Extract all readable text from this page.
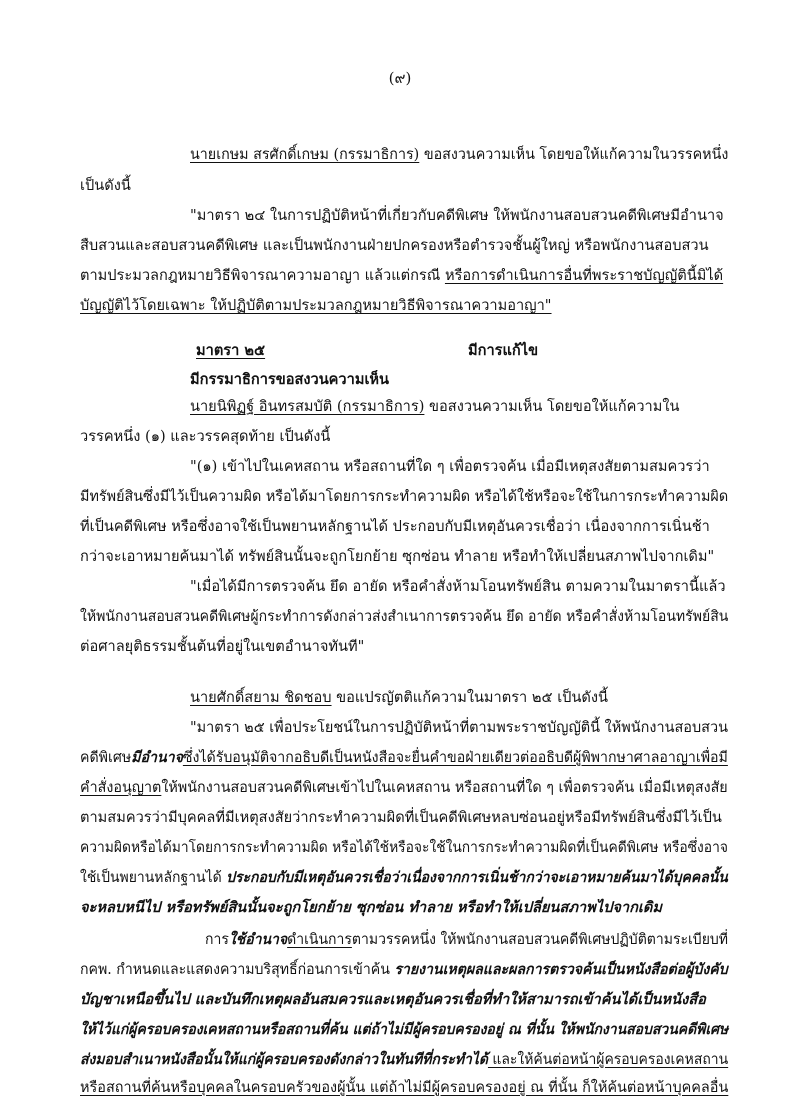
(๙)
นายเกษม สรศักดิ์เกษม (กรรมาธิการ) ขอสงวนความเห็น โดยขอให้แก้ความในวรรคหนึ่ง
เป็นดังนี้
"มาตรา ๒๔ ในการปฏิบัติหน้าที่เกี่ยวกับคดีพิเศษ ให้พนักงานสอบสวนคดีพิเศษมีอำนาจ
สืบสวนและสอบสวนคดีพิเศษ และเป็นพนักงานฝ่ายปกครองหรือตำรวจชั้นผู้ใหญ่ หรือพนักงานสอบสวน
ตามประมวลกฎหมายวิธีพิจารณาความอาญา แล้วแต่กรณี หรือการดำเนินการอื่นที่พระราชบัญญัตินี้มิได้
บัญญัติไว้โดยเฉพาะ ให้ปฏิบัติตามประมวลกฎหมายวิธีพิจารณาความอาญา"
มาตรา ๒๕	มีการแก้ไข
มีกรรมาธิการขอสงวนความเห็น
นายนิพิฏฐ์ อินทรสมบัติ (กรรมาธิการ) ขอสงวนความเห็น โดยขอให้แก้ความใน
วรรคหนึ่ง (๑) และวรรคสุดท้าย เป็นดังนี้
"(๑) เข้าไปในเคหสถาน หรือสถานที่ใด ๆ เพื่อตรวจค้น เมื่อมีเหตุสงสัยตามสมควรว่า
มีทรัพย์สินซึ่งมีไว้เป็นความผิด หรือได้มาโดยการกระทำความผิด หรือได้ใช้หรือจะใช้ในการกระทำความผิด
ที่เป็นคดีพิเศษ หรือซึ่งอาจใช้เป็นพยานหลักฐานได้ ประกอบกับมีเหตุอันควรเชื่อว่า เนื่องจากการเนิ่นช้า
กว่าจะเอาหมายค้นมาได้ ทรัพย์สินนั้นจะถูกโยกย้าย ซุกซ่อน ทำลาย หรือทำให้เปลี่ยนสภาพไปจากเดิม"
"เมื่อได้มีการตรวจค้น ยึด อายัด หรือคำสั่งห้ามโอนทรัพย์สิน ตามความในมาตรานี้แล้ว
ให้พนักงานสอบสวนคดีพิเศษผู้กระทำการดังกล่าวส่งสำเนาการตรวจค้น ยึด อายัด หรือคำสั่งห้ามโอนทรัพย์สิน
ต่อศาลยุติธรรมชั้นต้นที่อยู่ในเขตอำนาจทันที"
นายศักดิ์สยาม ชิดชอบ ขอแปรญัตติแก้ความในมาตรา ๒๕ เป็นดังนี้
"มาตรา ๒๕ เพื่อประโยชน์ในการปฏิบัติหน้าที่ตามพระราชบัญญัตินี้ ให้พนักงานสอบสวน
คดีพิเศษมีอำนาจซึ่งได้รับอนุมัติจากอธิบดีเป็นหนังสือจะยื่นคำขอฝ่ายเดียวต่ออธิบดีผู้พิพากษาศาลอาญาเพื่อมี
คำสั่งอนุญาตให้พนักงานสอบสวนคดีพิเศษเข้าไปในเคหสถาน หรือสถานที่ใด ๆ เพื่อตรวจค้น เมื่อมีเหตุสงสัย
ตามสมควรว่ามีบุคคลที่มีเหตุสงสัยว่ากระทำความผิดที่เป็นคดีพิเศษหลบซ่อนอยู่หรือมีทรัพย์สินซึ่งมีไว้เป็น
ความผิดหรือได้มาโดยการกระทำความผิด หรือได้ใช้หรือจะใช้ในการกระทำความผิดที่เป็นคดีพิเศษ หรือซึ่งอาจ
ใช้เป็นพยานหลักฐานได้ ประกอบกับมีเหตุอันควรเชื่อว่าเนื่องจากการเนิ่นช้ากว่าจะเอาหมายค้นมาได้บุคคลนั้น
จะหลบหนีไป หรือทรัพย์สินนั้นจะถูกโยกย้าย ซุกซ่อน ทำลาย หรือทำให้เปลี่ยนสภาพไปจากเดิม
การใช้อำนาจดำเนินการตามวรรคหนึ่ง ให้พนักงานสอบสวนคดีพิเศษปฏิบัติตามระเบียบที่
กคพ. กำหนดและแสดงความบริสุทธิ์ก่อนการเข้าค้น รายงานเหตุผลและผลการตรวจค้นเป็นหนังสือต่อผู้บังคับ
บัญชาเหนือขึ้นไป และบันทึกเหตุผลอันสมควรและเหตุอันควรเชื่อที่ทำให้สามารถเข้าค้นได้เป็นหนังสือ
ให้ไว้แก่ผู้ครอบครองเคหสถานหรือสถานที่ค้น แต่ถ้าไม่มีผู้ครอบครองอยู่ ณ ที่นั้น ให้พนักงานสอบสวนคดีพิเศษ
ส่งมอบสำเนาหนังสือนั้นให้แก่ผู้ครอบครองดังกล่าวในทันทีที่กระทำได้ และให้ค้นต่อหน้าผู้ครอบครองเคหสถาน
หรือสถานที่ค้นหรือบุคคลในครอบครัวของผู้นั้น แต่ถ้าไม่มีผู้ครอบครองอยู่ ณ ที่นั้น ก็ให้ค้นต่อหน้าบุคคลอื่น
